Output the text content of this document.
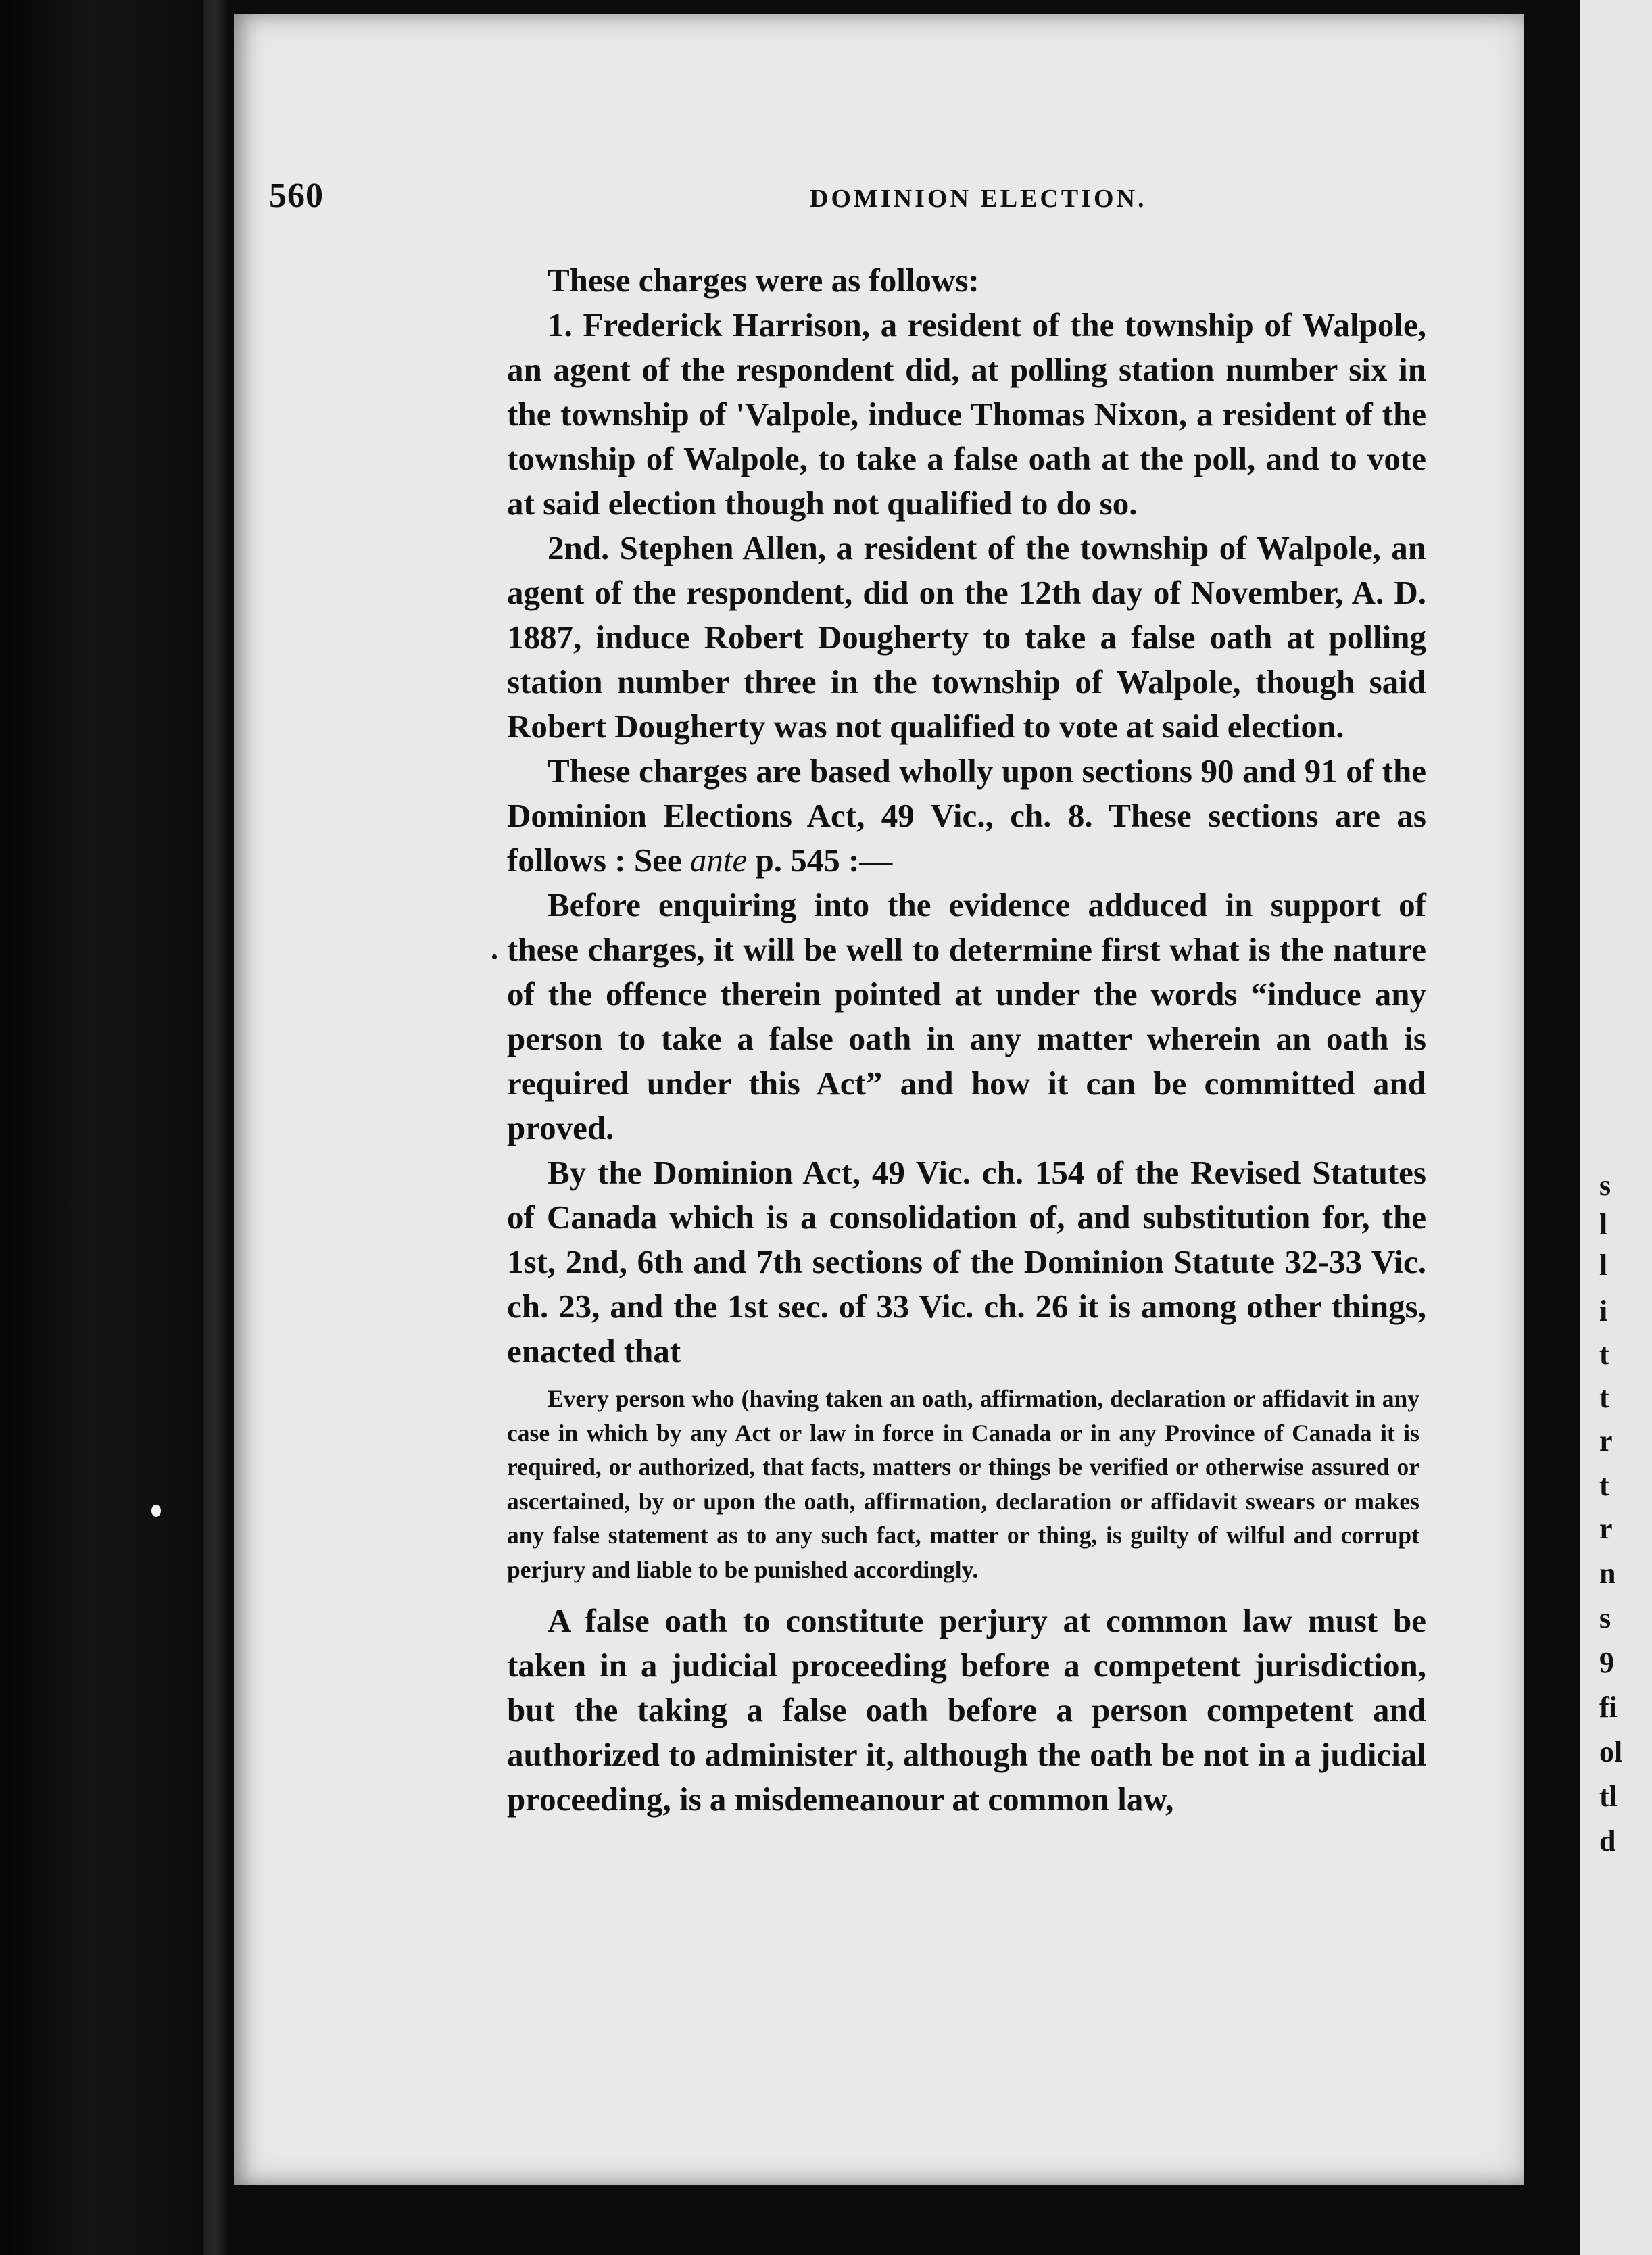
s
l
l
i
t
t
r
t
r
n
s
9
fi
ol
tl
d
560	DOMINION ELECTION.

These charges were as follows:

1. Frederick Harrison, a resident of the township of Walpole, an agent of the respondent did, at polling station number six in the township of 'Valpole, induce Thomas Nixon, a resident of the township of Walpole, to take a false oath at the poll, and to vote at said election though not qualified to do so.

2nd. Stephen Allen, a resident of the township of Walpole, an agent of the respondent, did on the 12th day of November, A. D. 1887, induce Robert Dougherty to take a false oath at polling station number three in the township of Walpole, though said Robert Dougherty was not qualified to vote at said election.

These charges are based wholly upon sections 90 and 91 of the Dominion Elections Act, 49 Vic., ch. 8. These sections are as follows : See ante p. 545 :—

Before enquiring into the evidence adduced in support of these charges, it will be well to determine first what is the nature of the offence therein pointed at under the words “induce any person to take a false oath in any matter wherein an oath is required under this Act” and how it can be committed and proved.

By the Dominion Act, 49 Vic. ch. 154 of the Revised Statutes of Canada which is a consolidation of, and substitution for, the 1st, 2nd, 6th and 7th sections of the Dominion Statute 32-33 Vic. ch. 23, and the 1st sec. of 33 Vic. ch. 26 it is among other things, enacted that

Every person who (having taken an oath, affirmation, declaration or affidavit in any case in which by any Act or law in force in Canada or in any Province of Canada it is required, or authorized, that facts, matters or things be verified or otherwise assured or ascertained, by or upon the oath, affirmation, declaration or affidavit swears or makes any false statement as to any such fact, matter or thing, is guilty of wilful and corrupt perjury and liable to be punished accordingly.

A false oath to constitute perjury at common law must be taken in a judicial proceeding before a competent jurisdiction, but the taking a false oath before a person competent and authorized to administer it, although the oath be not in a judicial proceeding, is a misdemeanour at common law,
